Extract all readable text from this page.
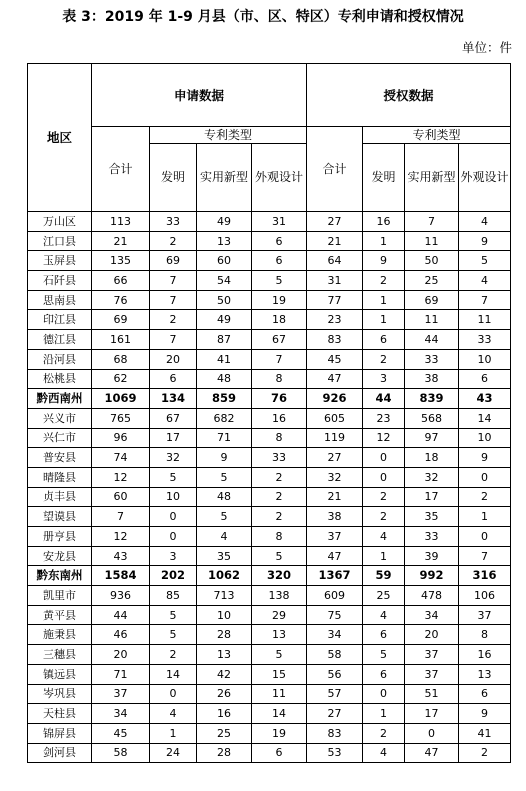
表 3：2019 年 1-9 月县（市、区、特区）专利申请和授权情况
单位：件
地区	申请数据				授权数据			
	合计	专利类型			合计	专利类型		
		发明	实用新型	外观设计		发明	实用新型	外观设计
万山区	113	33	49	31	27	16	7	4
江口县	21	2	13	6	21	1	11	9
玉屏县	135	69	60	6	64	9	50	5
石阡县	66	7	54	5	31	2	25	4
思南县	76	7	50	19	77	1	69	7
印江县	69	2	49	18	23	1	11	11
德江县	161	7	87	67	83	6	44	33
沿河县	68	20	41	7	45	2	33	10
松桃县	62	6	48	8	47	3	38	6
黔西南州	1069	134	859	76	926	44	839	43
兴义市	765	67	682	16	605	23	568	14
兴仁市	96	17	71	8	119	12	97	10
普安县	74	32	9	33	27	0	18	9
晴隆县	12	5	5	2	32	0	32	0
贞丰县	60	10	48	2	21	2	17	2
望谟县	7	0	5	2	38	2	35	1
册亨县	12	0	4	8	37	4	33	0
安龙县	43	3	35	5	47	1	39	7
黔东南州	1584	202	1062	320	1367	59	992	316
凯里市	936	85	713	138	609	25	478	106
黄平县	44	5	10	29	75	4	34	37
施秉县	46	5	28	13	34	6	20	8
三穗县	20	2	13	5	58	5	37	16
镇远县	71	14	42	15	56	6	37	13
岑巩县	37	0	26	11	57	0	51	6
天柱县	34	4	16	14	27	1	17	9
锦屏县	45	1	25	19	83	2	0	41
剑河县	58	24	28	6	53	4	47	2
